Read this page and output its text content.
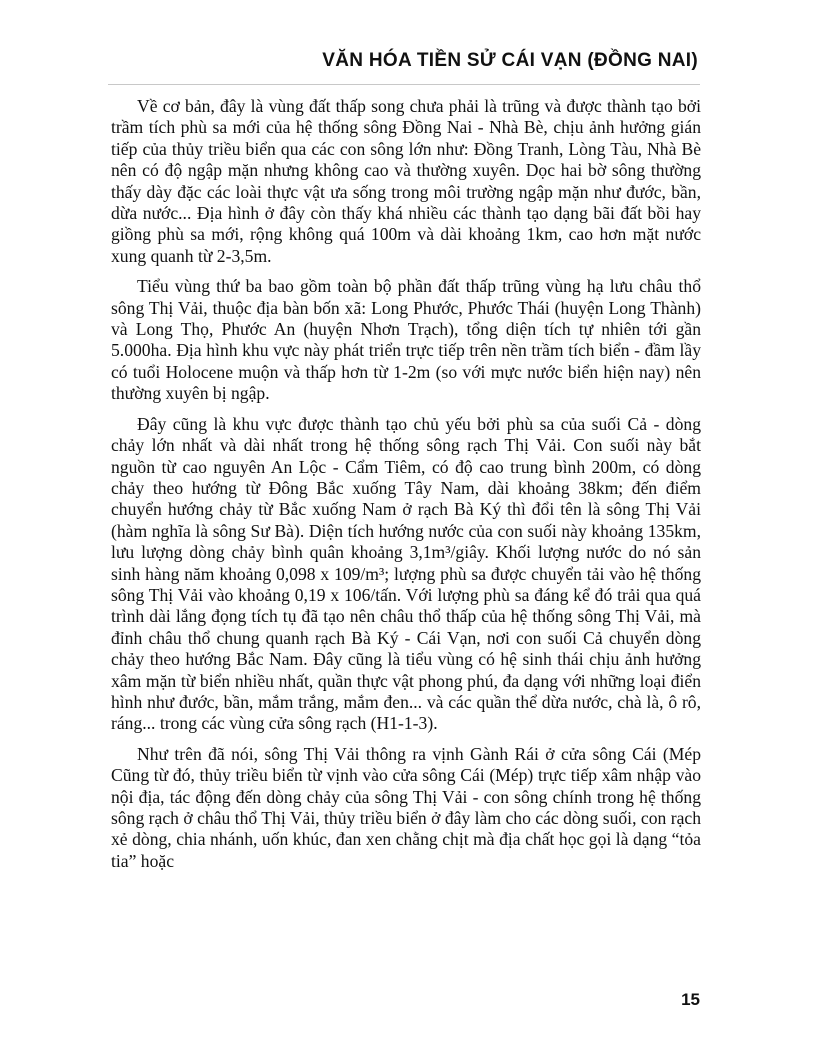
VĂN HÓA TIỀN SỬ CÁI VẠN (ĐỒNG NAI)

Về cơ bản, đây là vùng đất thấp song chưa phải là trũng và được thành tạo bởi trầm tích phù sa mới của hệ thống sông Đồng Nai - Nhà Bè, chịu ảnh hưởng gián tiếp của thủy triều biển qua các con sông lớn như: Đồng Tranh, Lòng Tàu, Nhà Bè nên có độ ngập mặn nhưng không cao và thường xuyên. Dọc hai bờ sông thường thấy dày đặc các loài thực vật ưa sống trong môi trường ngập mặn như đước, bần, dừa nước... Địa hình ở đây còn thấy khá nhiều các thành tạo dạng bãi đất bồi hay giồng phù sa mới, rộng không quá 100m và dài khoảng 1km, cao hơn mặt nước xung quanh từ 2-3,5m.

Tiểu vùng thứ ba bao gồm toàn bộ phần đất thấp trũng vùng hạ lưu châu thổ sông Thị Vải, thuộc địa bàn bốn xã: Long Phước, Phước Thái (huyện Long Thành) và Long Thọ, Phước An (huyện Nhơn Trạch), tổng diện tích tự nhiên tới gần 5.000ha. Địa hình khu vực này phát triển trực tiếp trên nền trầm tích biển - đầm lầy có tuổi Holocene muộn và thấp hơn từ 1-2m (so với mực nước biển hiện nay) nên thường xuyên bị ngập.

Đây cũng là khu vực được thành tạo chủ yếu bởi phù sa của suối Cả - dòng chảy lớn nhất và dài nhất trong hệ thống sông rạch Thị Vải. Con suối này bắt nguồn từ cao nguyên An Lộc - Cẩm Tiêm, có độ cao trung bình 200m, có dòng chảy theo hướng từ Đông Bắc xuống Tây Nam, dài khoảng 38km; đến điểm chuyển hướng chảy từ Bắc xuống Nam ở rạch Bà Ký thì đổi tên là sông Thị Vải (hàm nghĩa là sông Sư Bà). Diện tích hướng nước của con suối này khoảng 135km, lưu lượng dòng chảy bình quân khoảng 3,1m³/giây. Khối lượng nước do nó sản sinh hàng năm khoảng 0,098 x 109/m³; lượng phù sa được chuyển tải vào hệ thống sông Thị Vải vào khoảng 0,19 x 106/tấn. Với lượng phù sa đáng kể đó trải qua quá trình dài lắng đọng tích tụ đã tạo nên châu thổ thấp của hệ thống sông Thị Vải, mà đỉnh châu thổ chung quanh rạch Bà Ký - Cái Vạn, nơi con suối Cả chuyển dòng chảy theo hướng Bắc Nam. Đây cũng là tiểu vùng có hệ sinh thái chịu ảnh hưởng xâm mặn từ biển nhiều nhất, quần thực vật phong phú, đa dạng với những loại điển hình như đước, bần, mắm trắng, mắm đen... và các quần thể dừa nước, chà là, ô rô, ráng... trong các vùng cửa sông rạch (H1-1-3).

Như trên đã nói, sông Thị Vải thông ra vịnh Gành Rái ở cửa sông Cái (Mép Cũng từ đó, thủy triều biển từ vịnh vào cửa sông Cái (Mép) trực tiếp xâm nhập vào nội địa, tác động đến dòng chảy của sông Thị Vải - con sông chính trong hệ thống sông rạch ở châu thổ Thị Vải, thủy triều biển ở đây làm cho các dòng suối, con rạch xẻ dòng, chia nhánh, uốn khúc, đan xen chằng chịt mà địa chất học gọi là dạng “tỏa tia” hoặc

15
